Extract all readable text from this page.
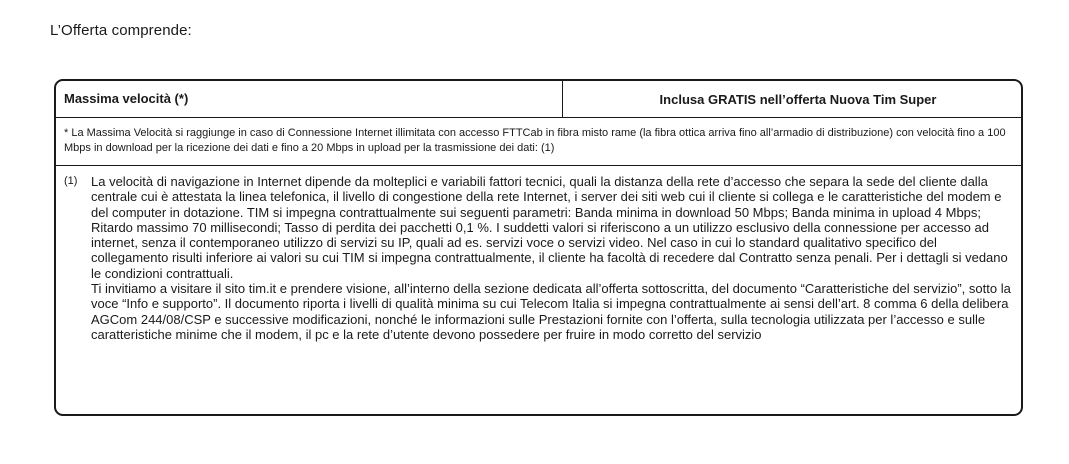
L’Offerta comprende:
Massima velocità (*)	Inclusa GRATIS nell’offerta Nuova Tim Super
* La Massima Velocità si raggiunge in caso di Connessione Internet illimitata con accesso FTTCab in fibra misto rame (la fibra ottica arriva fino all’armadio di distribuzione) con velocità fino a 100 Mbps in download per la ricezione dei dati e fino a 20 Mbps in upload per la trasmissione dei dati: (1)
(1)	La velocità di navigazione in Internet dipende da molteplici e variabili fattori tecnici, quali la distanza della rete d’accesso che separa la sede del cliente dalla centrale cui è attestata la linea telefonica, il livello di congestione della rete Internet, i server dei siti web cui il cliente si collega e le caratteristiche del modem e del computer in dotazione. TIM si impegna contrattualmente sui seguenti parametri: Banda minima in download 50 Mbps; Banda minima in upload 4 Mbps; Ritardo massimo 70 millisecondi; Tasso di perdita dei pacchetti 0,1 %. I suddetti valori si riferiscono a un utilizzo esclusivo della connessione per accesso ad internet, senza il contemporaneo utilizzo di servizi su IP, quali ad es. servizi voce o servizi video. Nel caso in cui lo standard qualitativo specifico del collegamento risulti inferiore ai valori su cui TIM si impegna contrattualmente, il cliente ha facoltà di recedere dal Contratto senza penali. Per i dettagli si vedano le condizioni contrattuali.

Ti invitiamo a visitare il sito tim.it e prendere visione, all’interno della sezione dedicata all’offerta sottoscritta, del documento “Caratteristiche del servizio”, sotto la voce “Info e supporto”. Il documento riporta i livelli di qualità minima su cui Telecom Italia si impegna contrattualmente ai sensi dell’art. 8 comma 6 della delibera AGCom 244/08/CSP e successive modificazioni, nonché le informazioni sulle Prestazioni fornite con l’offerta, sulla tecnologia utilizzata per l’accesso e sulle caratteristiche minime che il modem, il pc e la rete d’utente devono possedere per fruire in modo corretto del servizio
